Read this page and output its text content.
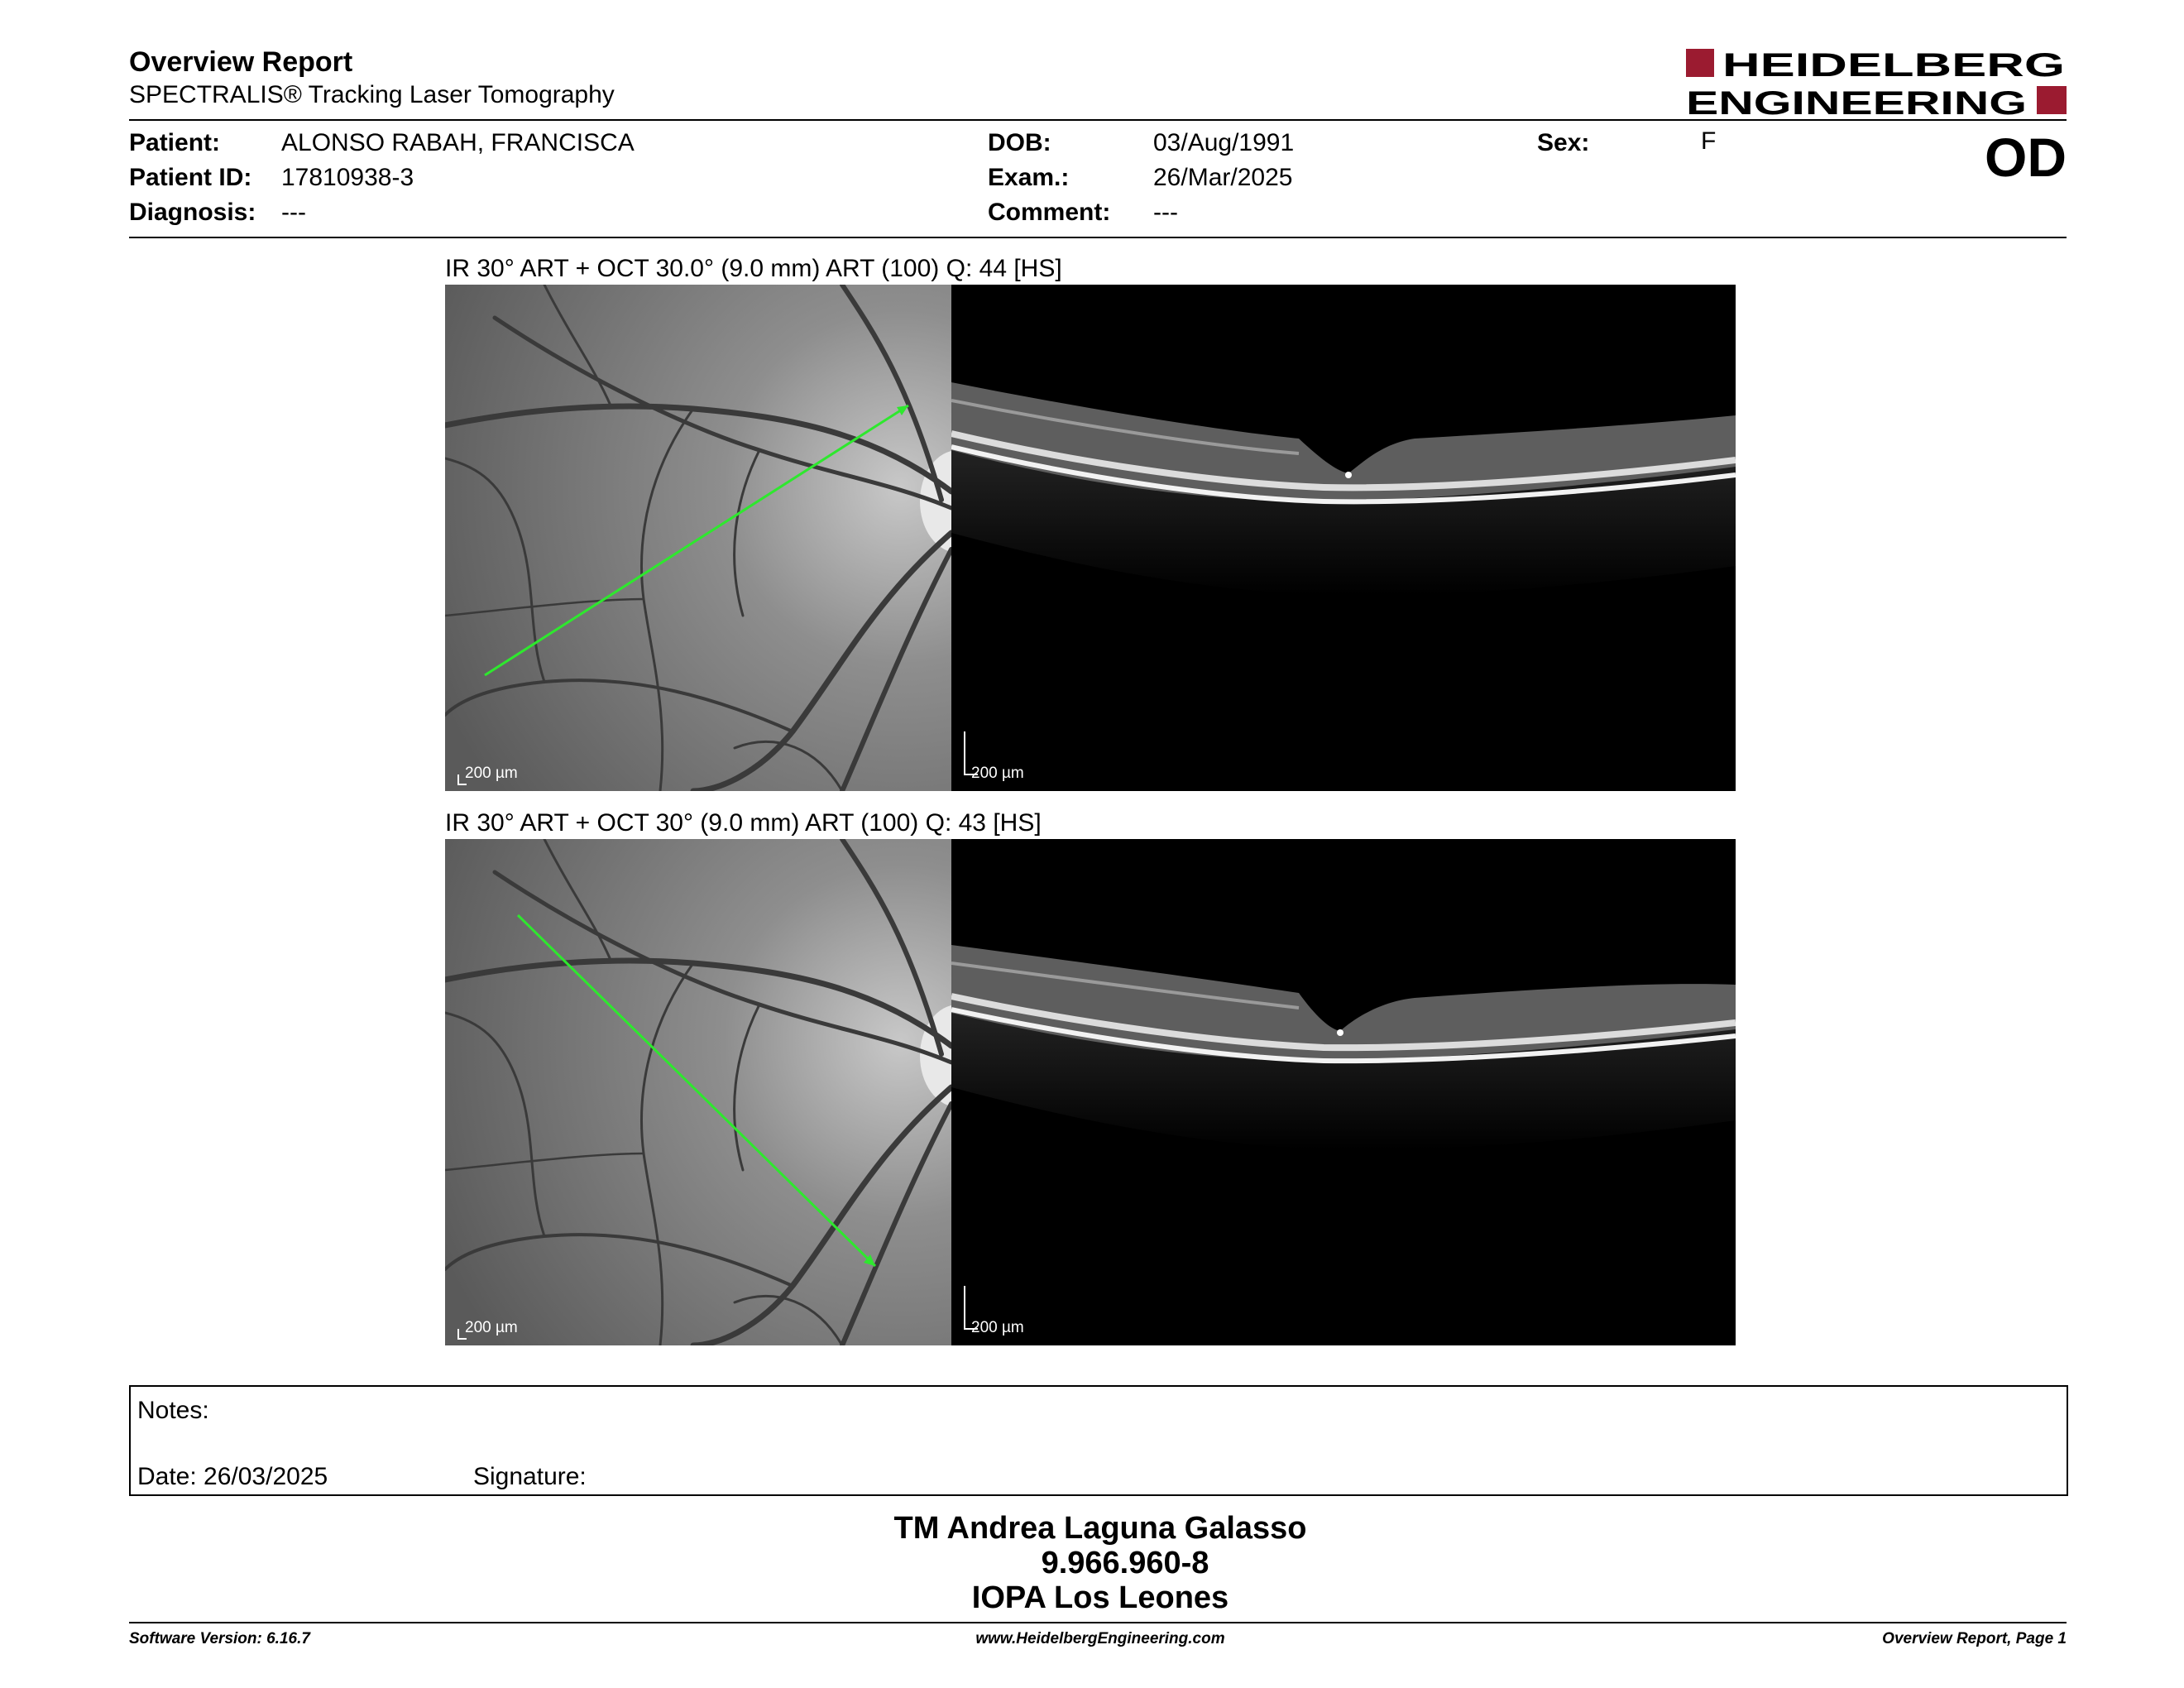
Overview Report
SPECTRALIS® Tracking Laser Tomography
HEIDELBERG
ENGINEERING
Patient: ALONSO RABAH, FRANCISCA
Patient ID: 17810938-3
Diagnosis: ---
DOB:	03/Aug/1991
Exam.:	26/Mar/2025
Comment: ---
Sex:	F	OD
IR 30° ART + OCT 30.0° (9.0 mm) ART (100) Q: 44 [HS]
200 µm	200 µm
IR 30° ART + OCT 30° (9.0 mm) ART (100) Q: 43 [HS]
200 µm	200 µm
Notes:
Date: 26/03/2025	Signature:
TM Andrea Laguna Galasso
9.966.960-8
IOPA Los Leones
Software Version: 6.16.7	www.HeidelbergEngineering.com	Overview Report, Page 1
